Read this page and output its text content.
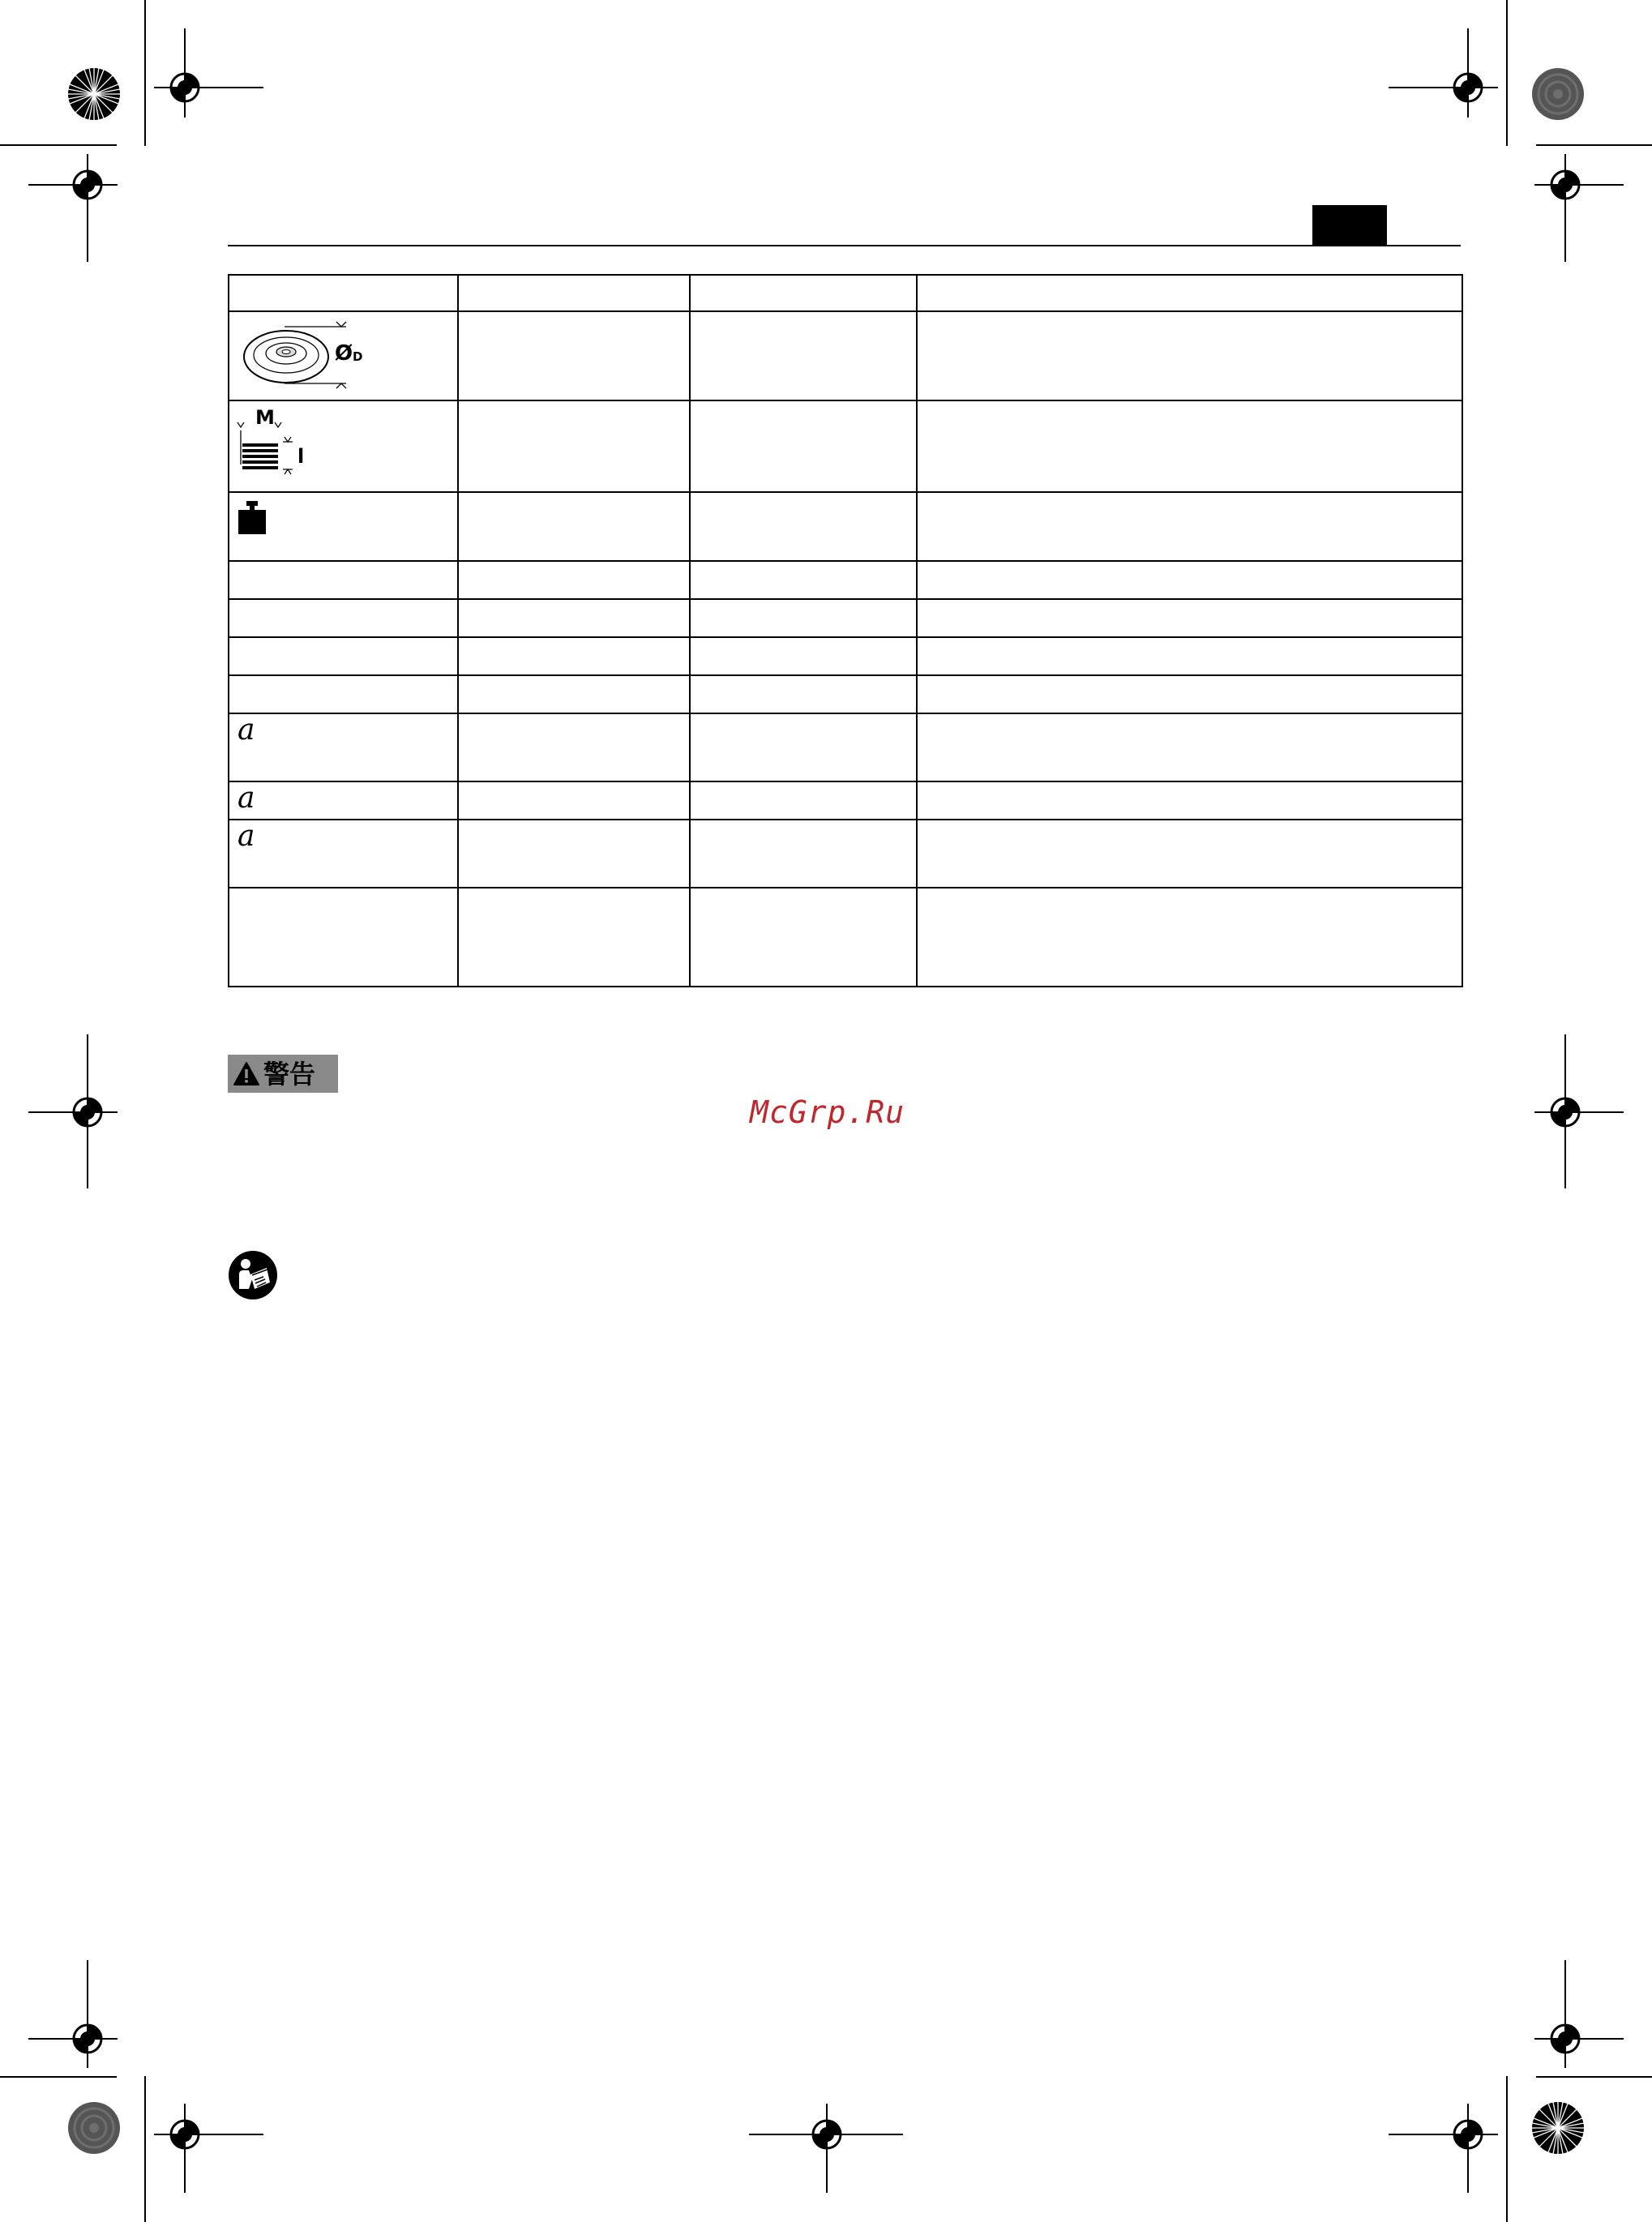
Ø D			

M
l			

a			

a			

a			

警告
McGrp.Ru
